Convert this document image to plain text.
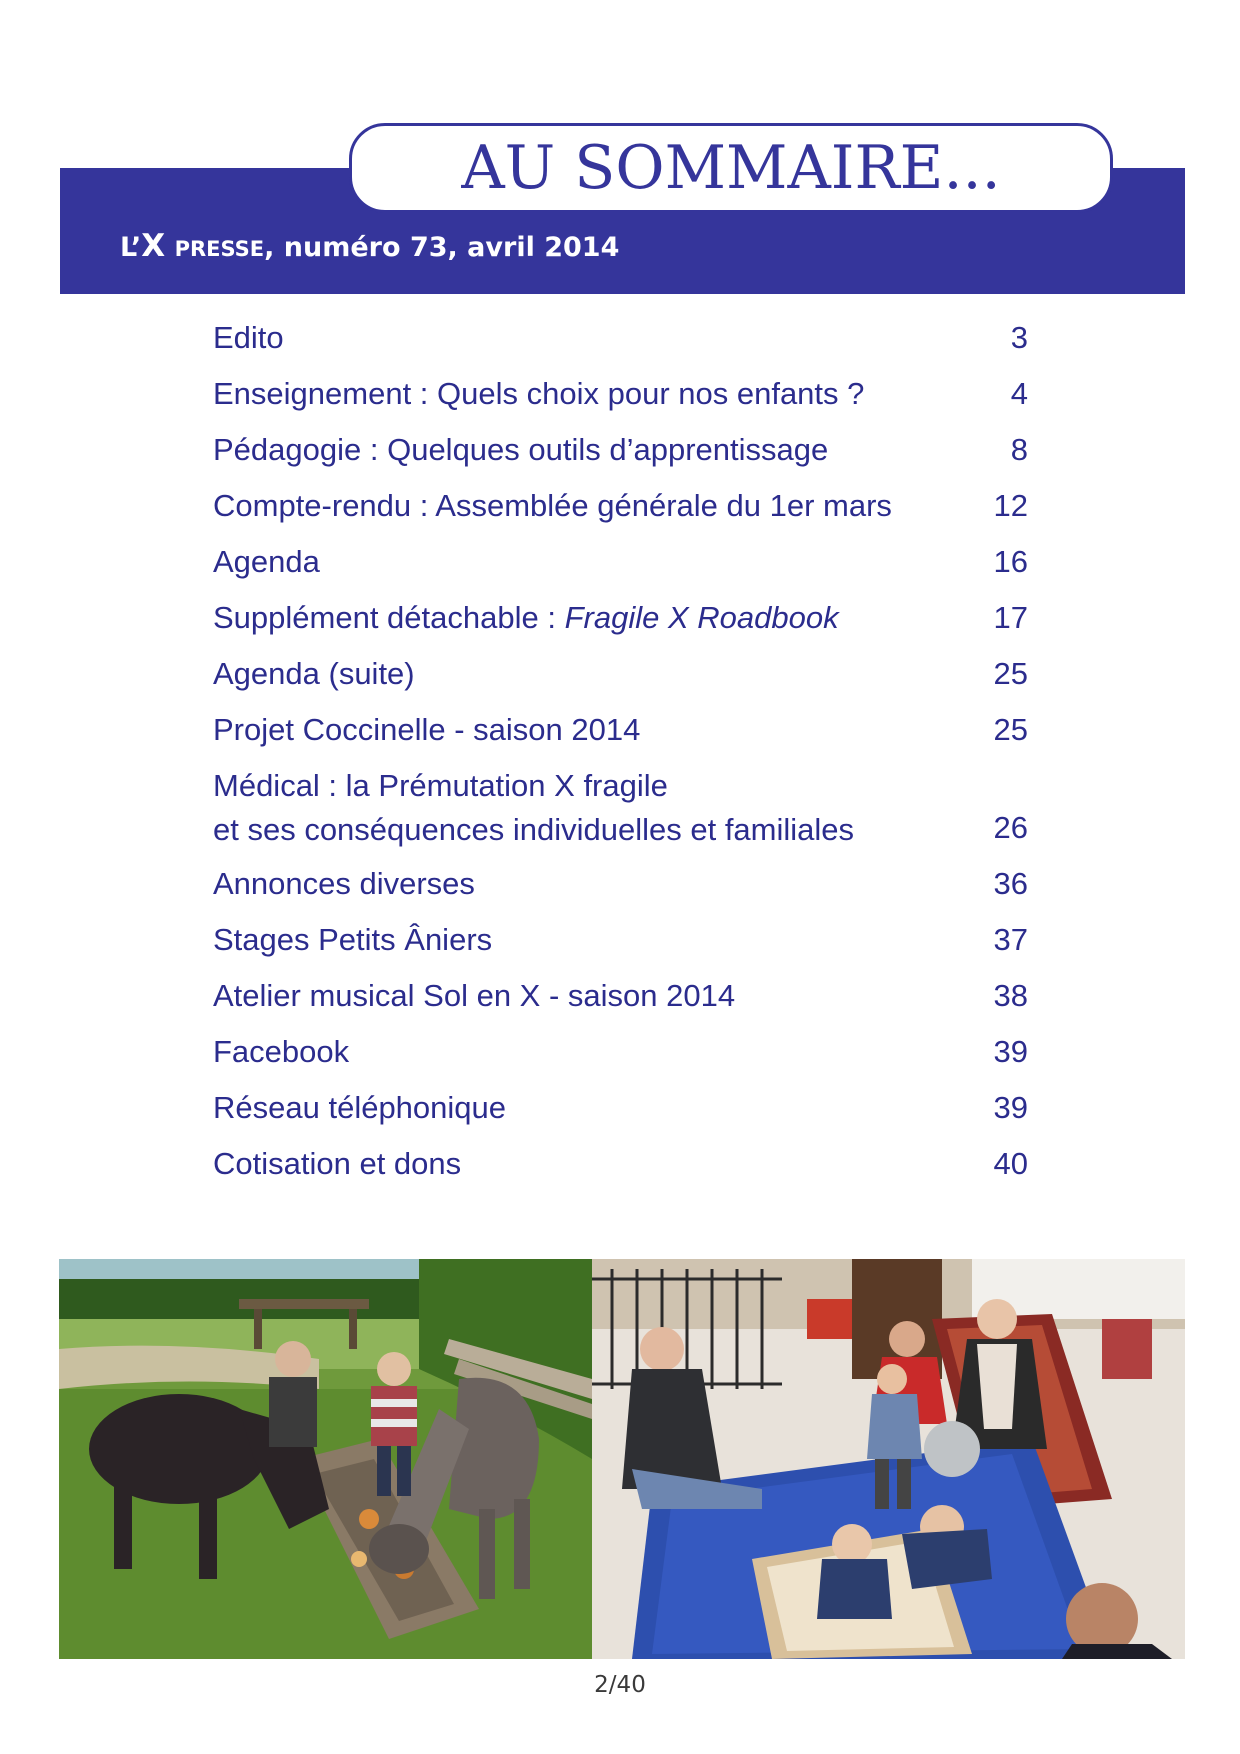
AU SOMMAIRE...
L’X PRESSE, numéro 73, avril 2014
Edito	3
Enseignement : Quels choix pour nos enfants ?	4
Pédagogie : Quelques outils d’apprentissage	8
Compte-rendu : Assemblée générale du 1er mars	12
Agenda	16
Supplément détachable : Fragile X Roadbook	17
Agenda (suite)	25
Projet Coccinelle - saison 2014	25
Médical : la Prémutation X fragile
et ses conséquences individuelles et familiales	26
Annonces diverses	36
Stages Petits Âniers	37
Atelier musical Sol en X - saison 2014	38
Facebook	39
Réseau téléphonique	39
Cotisation et dons	40
2/40
